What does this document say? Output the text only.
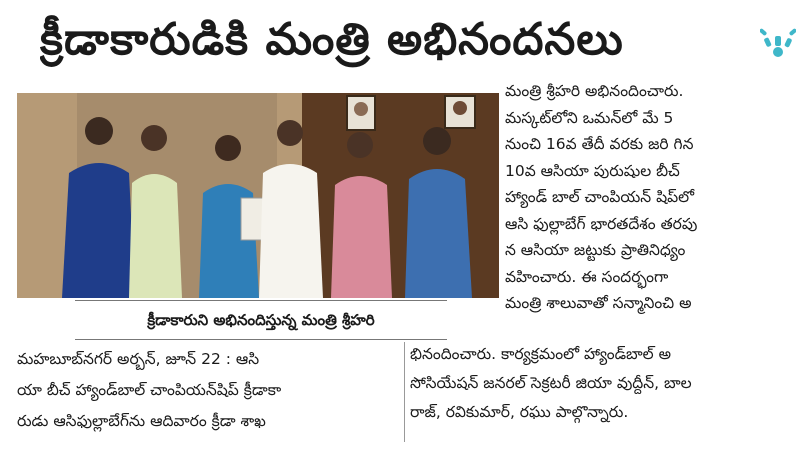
క్రీడాకారుడికి మంత్రి అభినందనలు
క్రీడాకారుని అభినందిస్తున్న మంత్రి శ్రీహరి
మంత్రి శ్రీహరి అభినందించారు.
మస్కట్‌లోని ఒమన్‌లో మే 5
నుంచి 16వ తేదీ వరకు జరి గిన
10వ ఆసియా పురుషుల బీచ్
హ్యాండ్ బాల్ చాంపియన్ షిప్‌లో
ఆసి ఫుల్లాబేగ్ భారతదేశం తరపు
న ఆసియా జట్టుకు ప్రాతినిధ్యం
వహించారు. ఈ సందర్భంగా
మంత్రి శాలువాతో సన్మానించి అ
మహబూబ్‌నగర్ అర్బన్, జూన్ 22 : ఆసి
యా బీచ్ హ్యాండ్‌బాల్ చాంపియన్‌షిప్ క్రీడాకా
రుడు ఆసిఫుల్లాబేగ్‌ను ఆదివారం క్రీడా శాఖ
భినందించారు. కార్యక్రమంలో హ్యాండ్‌బాల్ అ
సోసియేషన్ జనరల్ సెక్రటరీ జియా వుద్దీన్, బాల
రాజ్, రవికుమార్, రఘు పాల్గొన్నారు.
